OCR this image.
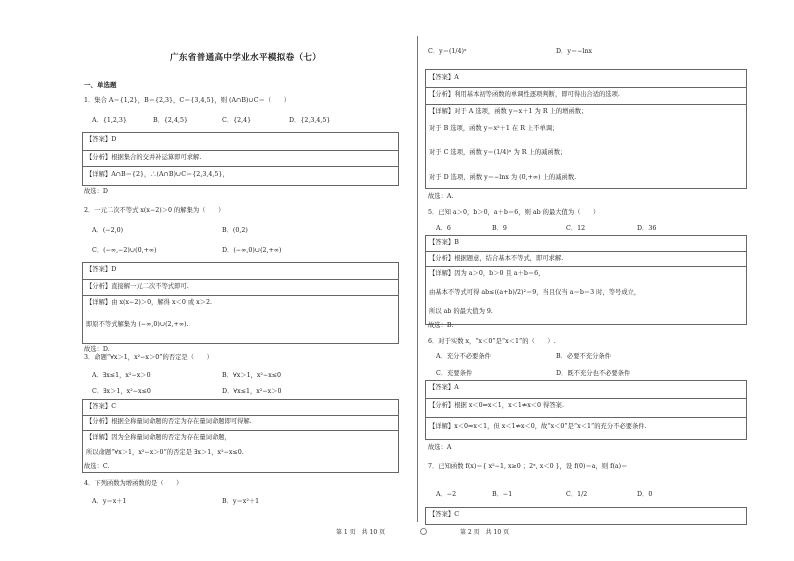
广东省普通高中学业水平模拟卷（七）
第 1 页　共 10 页	第 2 页　共 10 页
一、单选题
1．集合 A＝{1,2}，B＝{2,3}，C＝{3,4,5}，则 (A∩B)∪C＝（　　）
A．{1,2,3}	B．{2,4,5}	C．{2,4}	D．{2,3,4,5}
【答案】D
【分析】根据集合的交并补运算即可求解.
【详解】A∩B＝{2}，∴(A∩B)∪C＝{2,3,4,5}，
故选：D
2．一元二次不等式 x(x−2)＞0 的解集为（　　）
A．(−2,0)	B．(0,2)
C．(−∞,−2)∪(0,+∞)	D．(−∞,0)∪(2,+∞)
【答案】D
【分析】直接解一元二次不等式即可.
【详解】由 x(x−2)＞0，解得 x＜0 或 x＞2.
即原不等式解集为 (−∞,0)∪(2,+∞).
故选：D.
3．命题“∀x＞1，x²−x＞0”的否定是（　　）
A．∃x≤1，x²−x＞0	B．∀x＞1，x²−x≤0
C．∃x＞1，x²−x≤0	D．∀x≤1，x²−x＞0
【答案】C
【分析】根据全称量词命题的否定为存在量词命题即可得解.
【详解】因为全称量词命题的否定为存在量词命题，
所以命题“∀x＞1，x²−x＞0”的否定是 ∃x＞1，x²−x≤0.
故选：C.
4．下列函数为增函数的是（　　）
A．y＝x＋1	B．y＝x²＋1
C．y＝(1/4)ˣ	D．y＝−lnx
【答案】A
【分析】利用基本初等函数的单调性逐项判断，即可得出合适的选项.
【详解】对于 A 选项，函数 y＝x＋1 为 R 上的增函数；
对于 B 选项，函数 y＝x²＋1 在 R 上不单调；
对于 C 选项，函数 y＝(1/4)ˣ 为 R 上的减函数；
对于 D 选项，函数 y＝−lnx 为 (0,+∞) 上的减函数.
故选：A.
5．已知 a＞0，b＞0，a＋b＝6，则 ab 的最大值为（　　）
A．6	B．9	C．12	D．36
【答案】B
【分析】根据题意，结合基本不等式，即可求解.
【详解】因为 a＞0，b＞0 且 a＋b＝6，
由基本不等式可得 ab≤((a+b)/2)²＝9，当且仅当 a＝b＝3 时，等号成立，
所以 ab 的最大值为 9.
故选：B.
6．对于实数 x，“x＜0”是“x＜1”的（　　）.
A．充分不必要条件	B．必要不充分条件
C．充要条件	D．既不充分也不必要条件
【答案】A
【分析】根据 x＜0⇒x＜1，x＜1⇏x＜0 得答案.
【详解】x＜0⇒x＜1，但 x＜1⇏x＜0，故“x＜0”是“x＜1”的充分不必要条件.
故选：A
7．已知函数 f(x)＝{ x²−1, x≥0 ；2ˣ, x＜0 }，设 f(0)＝a，则 f(a)＝
A．−2	B．−1	C．1/2	D．0
【答案】C
